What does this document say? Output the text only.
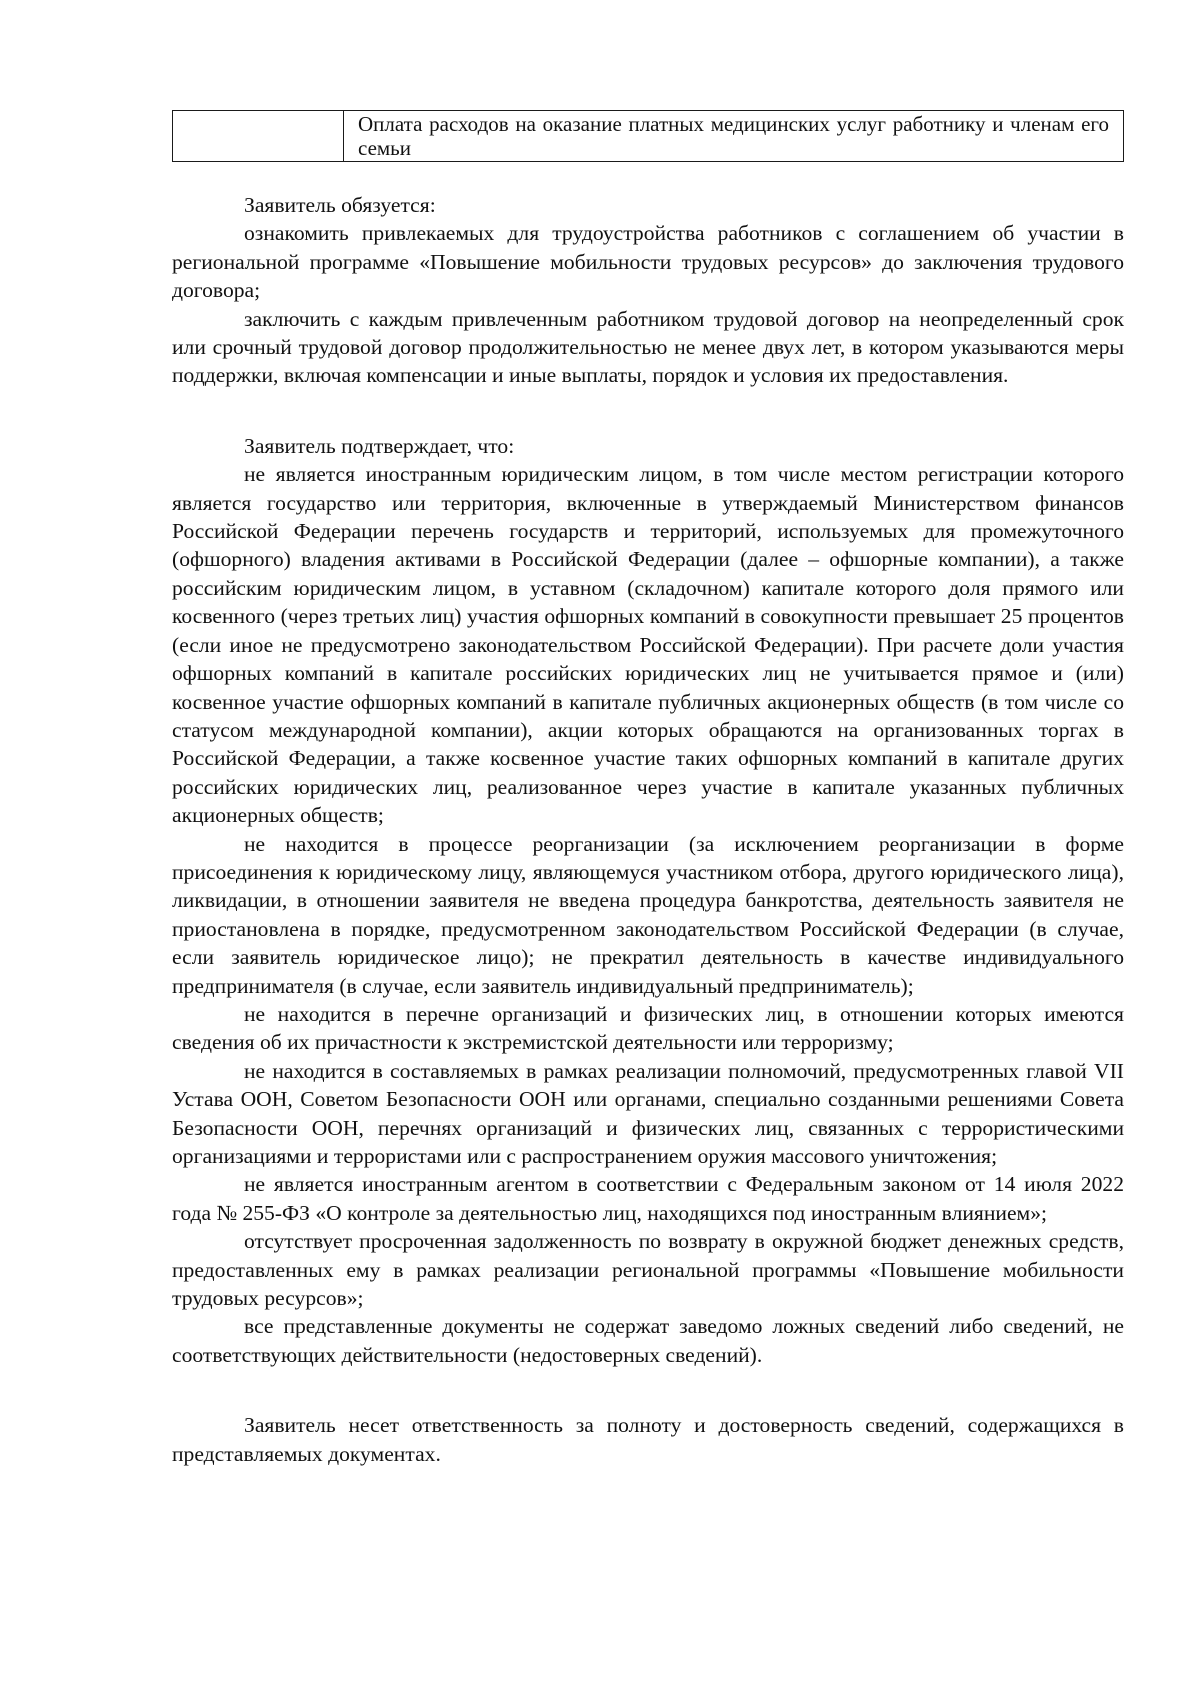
Оплата расходов на оказание платных медицинских услуг работнику и членам его семьи

Заявитель обязуется:

ознакомить привлекаемых для трудоустройства работников с соглашением об участии в региональной программе «Повышение мобильности трудовых ресурсов» до заключения трудового договора;

заключить с каждым привлеченным работником трудовой договор на неопределенный срок или срочный трудовой договор продолжительностью не менее двух лет, в котором указываются меры поддержки, включая компенсации и иные выплаты, порядок и условия их предоставления.

Заявитель подтверждает, что:

не является иностранным юридическим лицом, в том числе местом регистрации которого является государство или территория, включенные в утверждаемый Министерством финансов Российской Федерации перечень государств и территорий, используемых для промежуточного (офшорного) владения активами в Российской Федерации (далее – офшорные компании), а также российским юридическим лицом, в уставном (складочном) капитале которого доля прямого или косвенного (через третьих лиц) участия офшорных компаний в совокупности превышает 25 процентов (если иное не предусмотрено законодательством Российской Федерации). При расчете доли участия офшорных компаний в капитале российских юридических лиц не учитывается прямое и (или) косвенное участие офшорных компаний в капитале публичных акционерных обществ (в том числе со статусом международной компании), акции которых обращаются на организованных торгах в Российской Федерации, а также косвенное участие таких офшорных компаний в капитале других российских юридических лиц, реализованное через участие в капитале указанных публичных акционерных обществ;

не находится в процессе реорганизации (за исключением реорганизации в форме присоединения к юридическому лицу, являющемуся участником отбора, другого юридического лица), ликвидации, в отношении заявителя не введена процедура банкротства, деятельность заявителя не приостановлена в порядке, предусмотренном законодательством Российской Федерации (в случае, если заявитель юридическое лицо); не прекратил деятельность в качестве индивидуального предпринимателя (в случае, если заявитель индивидуальный предприниматель);

не находится в перечне организаций и физических лиц, в отношении которых имеются сведения об их причастности к экстремистской деятельности или терроризму;

не находится в составляемых в рамках реализации полномочий, предусмотренных главой VII Устава ООН, Советом Безопасности ООН или органами, специально созданными решениями Совета Безопасности ООН, перечнях организаций и физических лиц, связанных с террористическими организациями и террористами или с распространением оружия массового уничтожения;

не является иностранным агентом в соответствии с Федеральным законом от 14 июля 2022 года № 255-ФЗ «О контроле за деятельностью лиц, находящихся под иностранным влиянием»;

отсутствует просроченная задолженность по возврату в окружной бюджет денежных средств, предоставленных ему в рамках реализации региональной программы «Повышение мобильности трудовых ресурсов»;

все представленные документы не содержат заведомо ложных сведений либо сведений, не соответствующих действительности (недостоверных сведений).

Заявитель несет ответственность за полноту и достоверность сведений, содержащихся в представляемых документах.
